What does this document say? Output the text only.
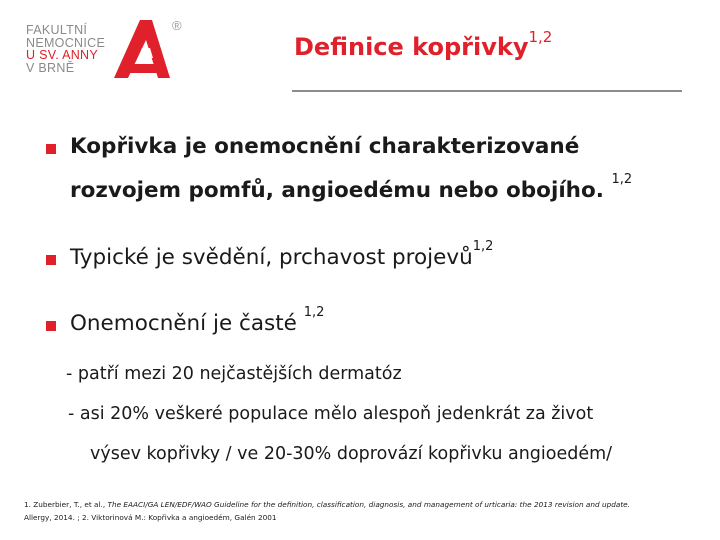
FAKULTNÍ
NEMOCNICE
U SV. ANNY
V BRNĚ
®
Definice kopřivky$^{1,2}$
Kopřivka je onemocnění charakterizované
rozvojem pomfů, angioedému nebo obojího. $^{1,2}$
Typické je svědění, prchavost projevů$^{1,2}$
Onemocnění je časté $^{1,2}$
- patří mezi 20 nejčastějších dermatóz
- asi 20% veškeré populace mělo alespoň jedenkrát za život
výsev kopřivky / ve 20-30% doprovází kopřivku angioedém/
1. Zuberbier, T., et al., The EAACI/GA LEN/EDF/WAO Guideline for the definition, classification, diagnosis, and management of urticaria: the 2013 revision and update.
Allergy, 2014. ; 2. Viktorinová M.: Kopřivka a angioedém, Galén 2001
